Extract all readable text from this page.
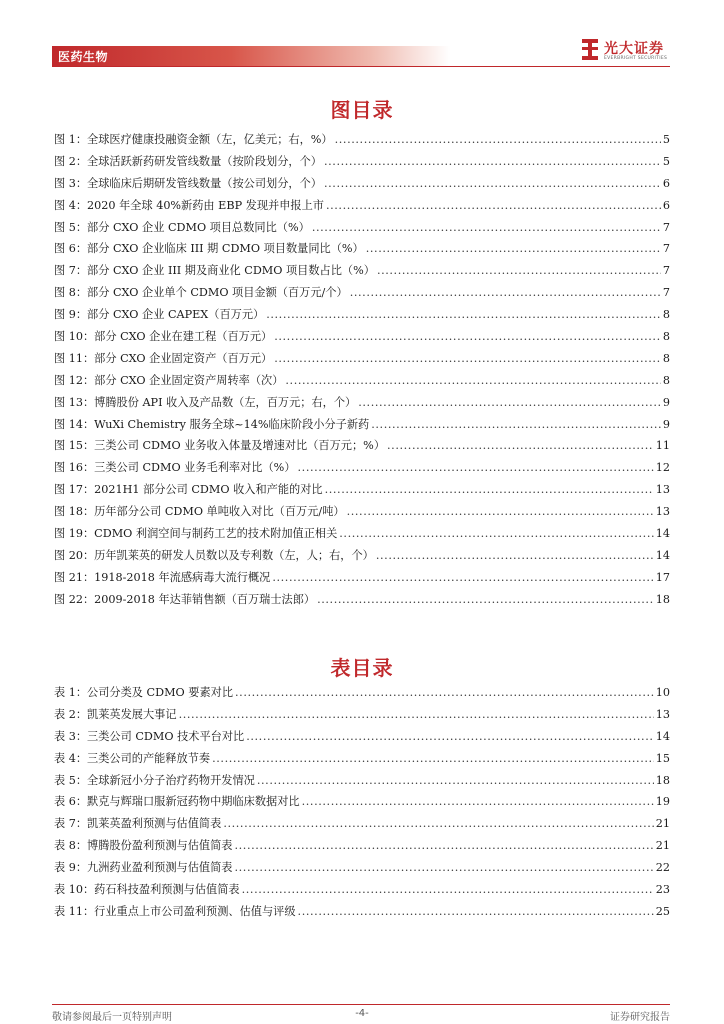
医药生物	光大证券
EVERBRIGHT SECURITIES
图目录
图 1：全球医疗健康投融资金额（左，亿美元；右，%） .....	5
图 2：全球活跃新药研发管线数量（按阶段划分，个） .....	5
图 3：全球临床后期研发管线数量（按公司划分，个） .....	6
图 4：2020 年全球 40%新药由 EBP 发现并申报上市 .....	6
图 5：部分 CXO 企业 CDMO 项目总数同比（%） .....	7
图 6：部分 CXO 企业临床 III 期 CDMO 项目数量同比（%） .....	7
图 7：部分 CXO 企业 III 期及商业化 CDMO 项目数占比（%） .....	7
图 8：部分 CXO 企业单个 CDMO 项目金额（百万元/个） .....	7
图 9：部分 CXO 企业 CAPEX（百万元） .....	8
图 10：部分 CXO 企业在建工程（百万元） .....	8
图 11：部分 CXO 企业固定资产（百万元） .....	8
图 12：部分 CXO 企业固定资产周转率（次） .....	8
图 13：博腾股份 API 收入及产品数（左，百万元；右，个） .....	9
图 14：WuXi Chemistry 服务全球~14%临床阶段小分子新药 .....	9
图 15：三类公司 CDMO 业务收入体量及增速对比（百万元；%） .....	11
图 16：三类公司 CDMO 业务毛利率对比（%） .....	12
图 17：2021H1 部分公司 CDMO 收入和产能的对比 .....	13
图 18：历年部分公司 CDMO 单吨收入对比（百万元/吨） .....	13
图 19：CDMO 利润空间与制药工艺的技术附加值正相关 .....	14
图 20：历年凯莱英的研发人员数以及专利数（左，人；右，个） .....	14
图 21：1918-2018 年流感病毒大流行概况 .....	17
图 22：2009-2018 年达菲销售额（百万瑞士法郎） .....	18
表目录
表 1：公司分类及 CDMO 要素对比 .....	10
表 2：凯莱英发展大事记 .....	13
表 3：三类公司 CDMO 技术平台对比 .....	14
表 4：三类公司的产能释放节奏 .....	15
表 5：全球新冠小分子治疗药物开发情况 .....	18
表 6：默克与辉瑞口服新冠药物中期临床数据对比 .....	19
表 7：凯莱英盈利预测与估值简表 .....	21
表 8：博腾股份盈利预测与估值简表 .....	21
表 9：九洲药业盈利预测与估值简表 .....	22
表 10：药石科技盈利预测与估值简表 .....	23
表 11：行业重点上市公司盈利预测、估值与评级 .....	25
敬请参阅最后一页特别声明	-4-	证券研究报告
